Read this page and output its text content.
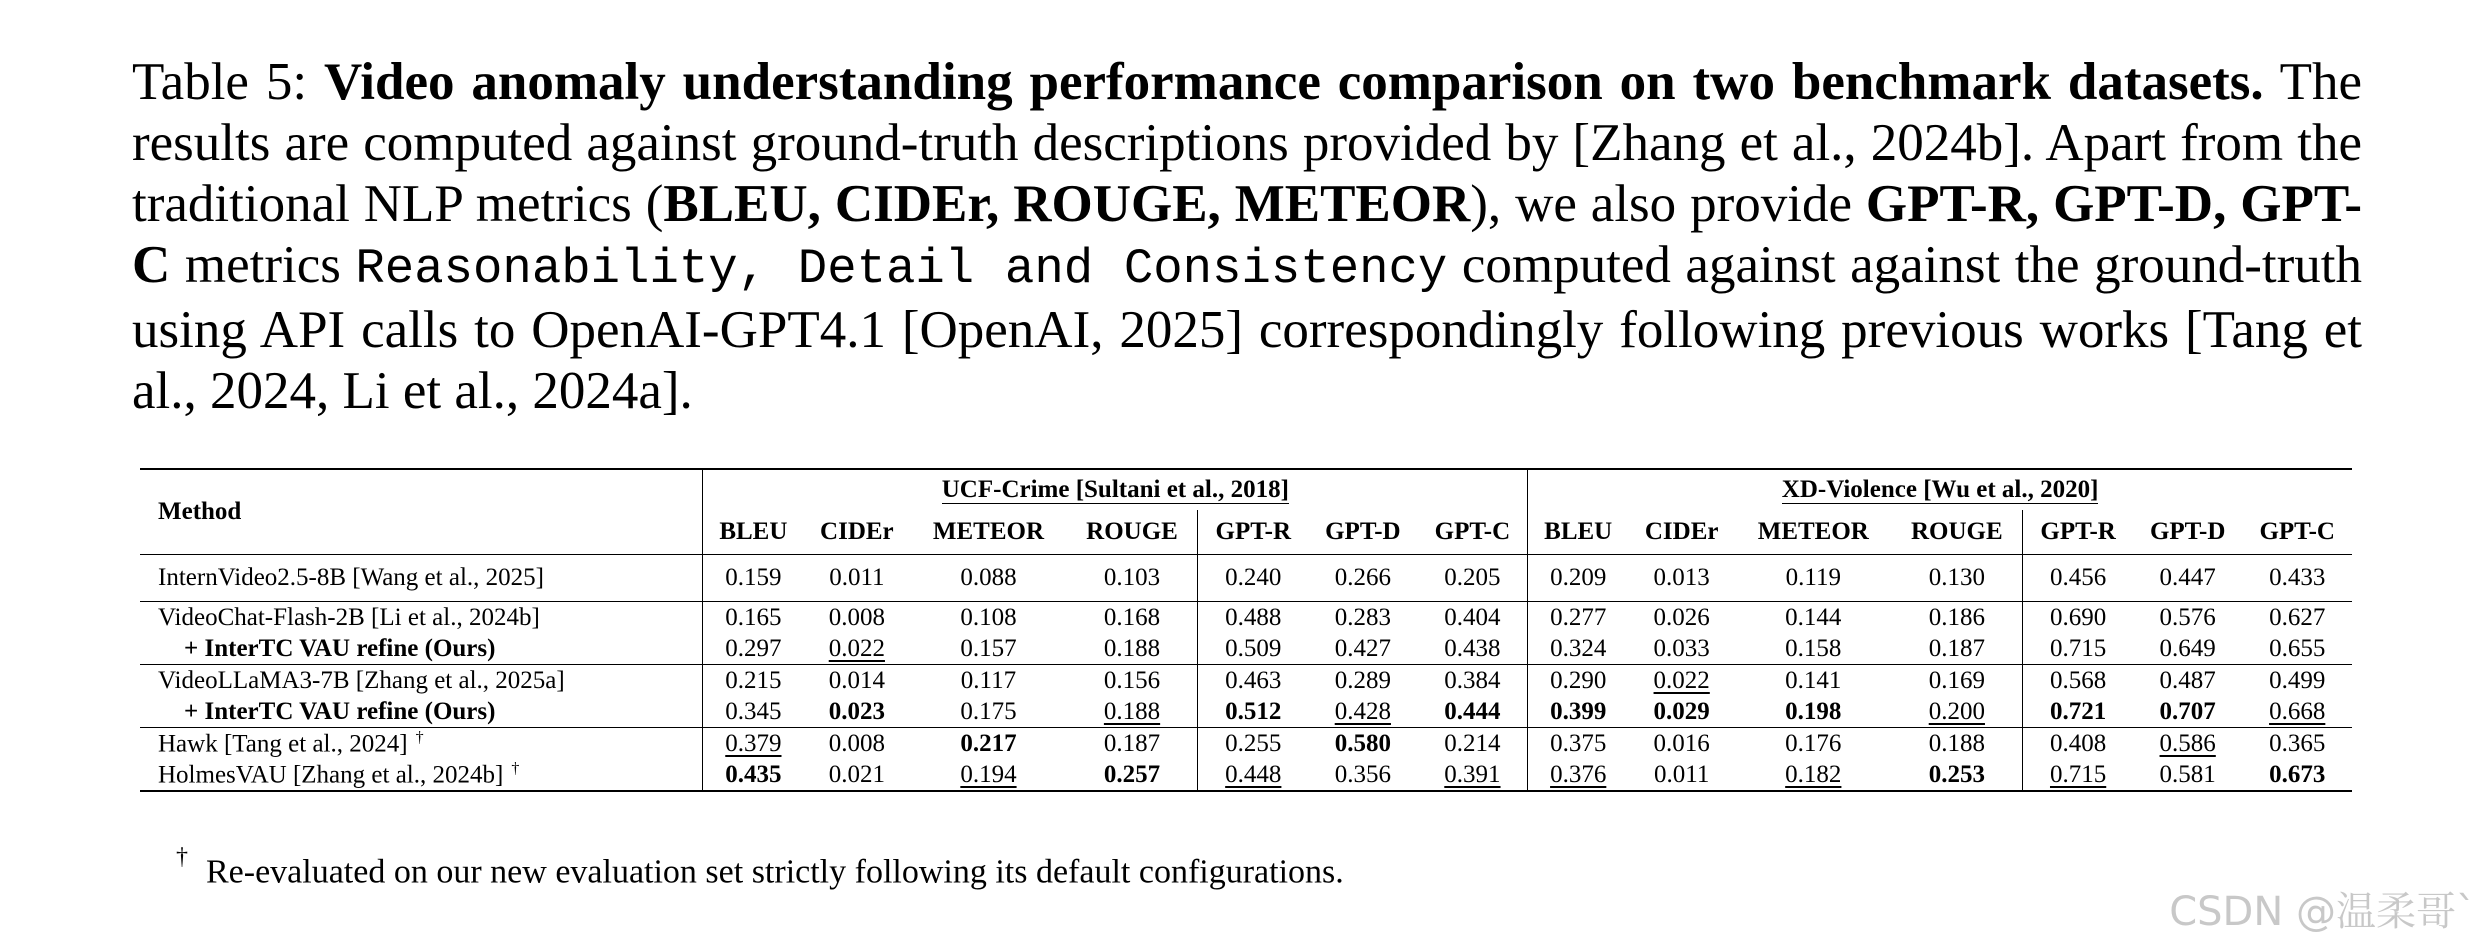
Table 5: Video anomaly understanding performance comparison on two benchmark datasets. The results are computed against ground-truth descriptions provided by [Zhang et al., 2024b]. Apart from the traditional NLP metrics (BLEU, CIDEr, ROUGE, METEOR), we also provide GPT-R, GPT-D, GPT-C metrics Reasonability, Detail and Consistency computed against against the ground-truth using API calls to OpenAI-GPT4.1 [OpenAI, 2025] correspondingly following previous works [Tang et al., 2024, Li et al., 2024a].
Method	UCF-Crime [Sultani et al., 2018]							XD-Violence [Wu et al., 2020]						
	BLEU	CIDEr	METEOR	ROUGE	GPT-R	GPT-D	GPT-C	BLEU	CIDEr	METEOR	ROUGE	GPT-R	GPT-D	GPT-C
InternVideo2.5-8B [Wang et al., 2025]	0.159	0.011	0.088	0.103	0.240	0.266	0.205	0.209	0.013	0.119	0.130	0.456	0.447	0.433
VideoChat-Flash-2B [Li et al., 2024b]	0.165	0.008	0.108	0.168	0.488	0.283	0.404	0.277	0.026	0.144	0.186	0.690	0.576	0.627
+ InterTC VAU refine (Ours)	0.297	0.022	0.157	0.188	0.509	0.427	0.438	0.324	0.033	0.158	0.187	0.715	0.649	0.655
VideoLLaMA3-7B [Zhang et al., 2025a]	0.215	0.014	0.117	0.156	0.463	0.289	0.384	0.290	0.022	0.141	0.169	0.568	0.487	0.499
+ InterTC VAU refine (Ours)	0.345	0.023	0.175	0.188	0.512	0.428	0.444	0.399	0.029	0.198	0.200	0.721	0.707	0.668
Hawk [Tang et al., 2024] †	0.379	0.008	0.217	0.187	0.255	0.580	0.214	0.375	0.016	0.176	0.188	0.408	0.586	0.365
HolmesVAU [Zhang et al., 2024b] †	0.435	0.021	0.194	0.257	0.448	0.356	0.391	0.376	0.011	0.182	0.253	0.715	0.581	0.673
† Re-evaluated on our new evaluation set strictly following its default configurations.
CSDN @温柔哥`
